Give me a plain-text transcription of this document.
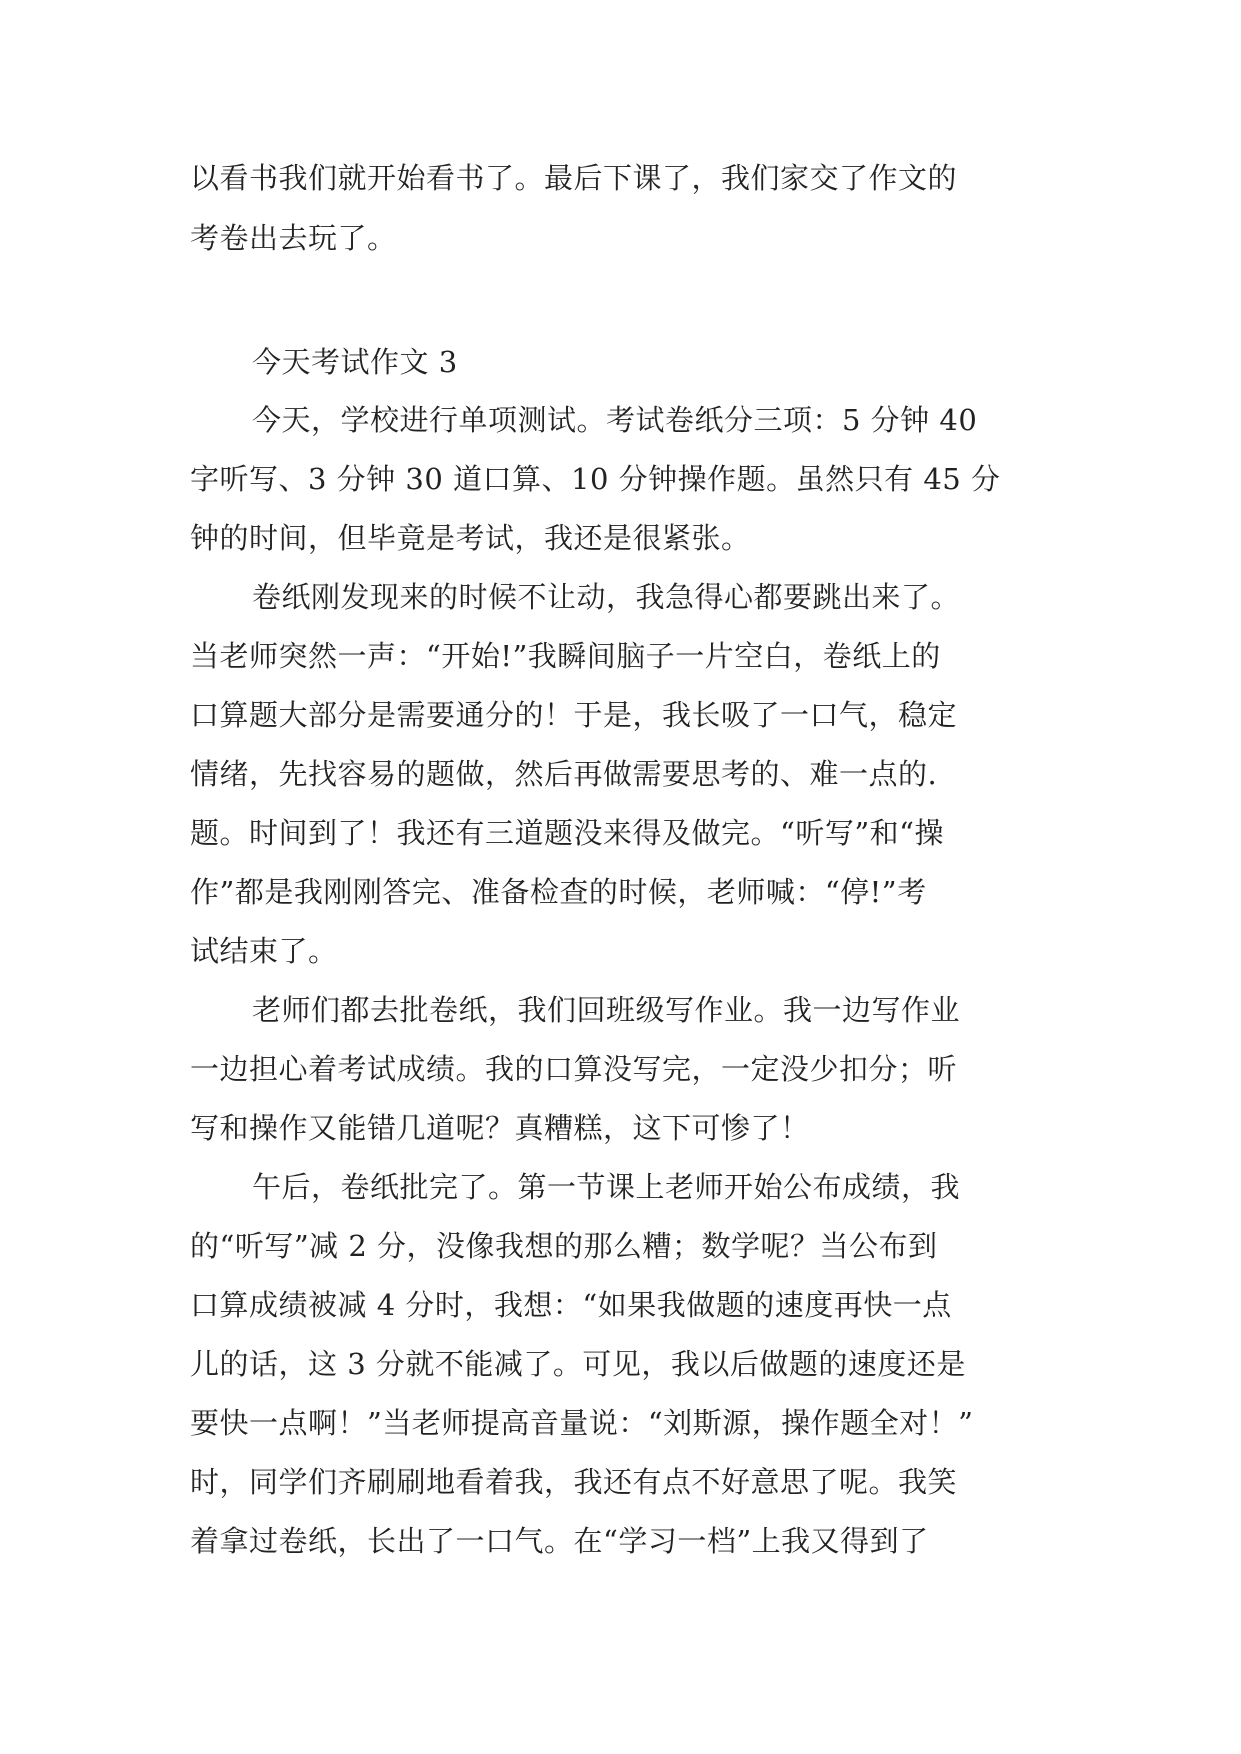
以看书我们就开始看书了。最后下课了，我们家交了作文的
考卷出去玩了。
今天考试作文 3
今天，学校进行单项测试。考试卷纸分三项：5 分钟 40
字听写、3 分钟 30 道口算、10 分钟操作题。虽然只有 45 分
钟的时间，但毕竟是考试，我还是很紧张。
卷纸刚发现来的时候不让动，我急得心都要跳出来了。
当老师突然一声：“开始!”我瞬间脑子一片空白，卷纸上的
口算题大部分是需要通分的！于是，我长吸了一口气，稳定
情绪，先找容易的题做，然后再做需要思考的、难一点的.
题。时间到了！我还有三道题没来得及做完。“听写”和“操
作”都是我刚刚答完、准备检查的时候，老师喊：“停!”考
试结束了。
老师们都去批卷纸，我们回班级写作业。我一边写作业
一边担心着考试成绩。我的口算没写完，一定没少扣分；听
写和操作又能错几道呢？真糟糕，这下可惨了！
午后，卷纸批完了。第一节课上老师开始公布成绩，我
的“听写”减 2 分，没像我想的那么糟；数学呢？当公布到
口算成绩被减 4 分时，我想：“如果我做题的速度再快一点
儿的话，这 3 分就不能减了。可见，我以后做题的速度还是
要快一点啊！”当老师提高音量说：“刘斯源，操作题全对！”
时，同学们齐刷刷地看着我，我还有点不好意思了呢。我笑
着拿过卷纸，长出了一口气。在“学习一档”上我又得到了
